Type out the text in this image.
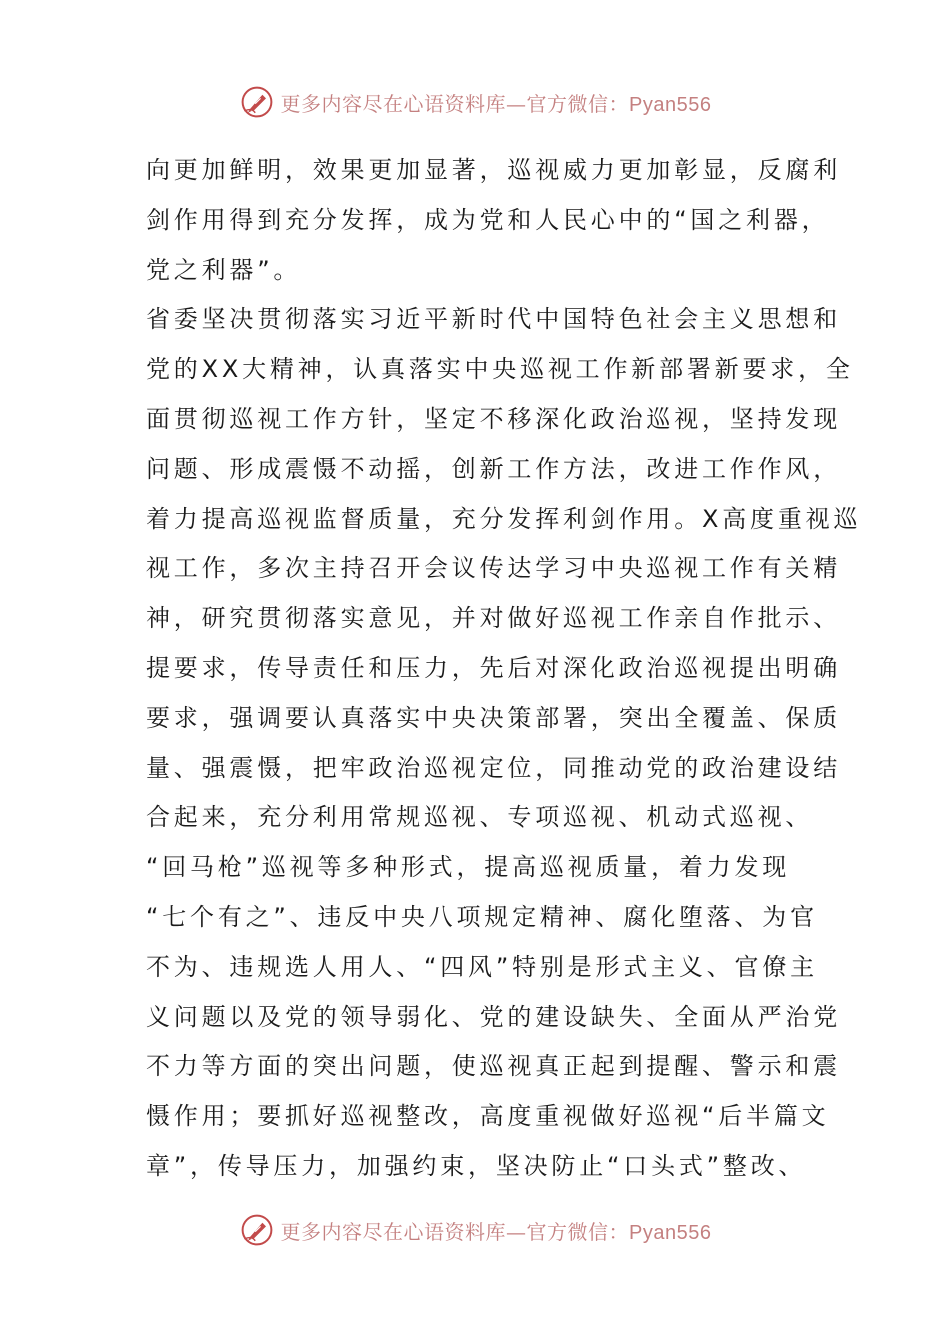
更多内容尽在心语资料库—官方微信：Pyan556
向更加鲜明，效果更加显著，巡视威力更加彰显，反腐利
剑作用得到充分发挥，成为党和人民心中的“国之利器，
党之利器”。
省委坚决贯彻落实习近平新时代中国特色社会主义思想和
党的XX大精神，认真落实中央巡视工作新部署新要求，全
面贯彻巡视工作方针，坚定不移深化政治巡视，坚持发现
问题、形成震慑不动摇，创新工作方法，改进工作作风，
着力提高巡视监督质量，充分发挥利剑作用。X高度重视巡
视工作，多次主持召开会议传达学习中央巡视工作有关精
神，研究贯彻落实意见，并对做好巡视工作亲自作批示、
提要求，传导责任和压力，先后对深化政治巡视提出明确
要求，强调要认真落实中央决策部署，突出全覆盖、保质
量、强震慑，把牢政治巡视定位，同推动党的政治建设结
合起来，充分利用常规巡视、专项巡视、机动式巡视、
“回马枪”巡视等多种形式，提高巡视质量，着力发现
“七个有之”、违反中央八项规定精神、腐化堕落、为官
不为、违规选人用人、“四风”特别是形式主义、官僚主
义问题以及党的领导弱化、党的建设缺失、全面从严治党
不力等方面的突出问题，使巡视真正起到提醒、警示和震
慑作用；要抓好巡视整改，高度重视做好巡视“后半篇文
章”，传导压力，加强约束，坚决防止“口头式”整改、
更多内容尽在心语资料库—官方微信：Pyan556
